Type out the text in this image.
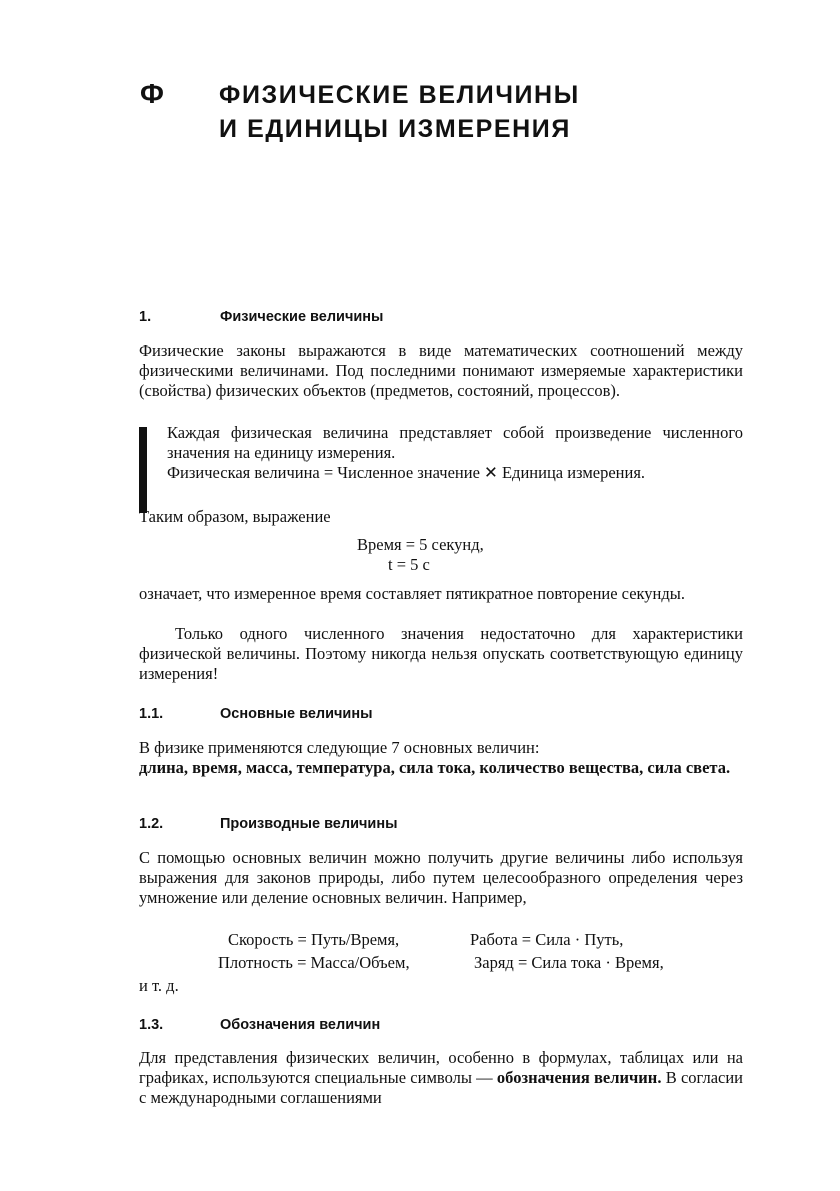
Ф ФИЗИЧЕСКИЕ ВЕЛИЧИНЫ
И ЕДИНИЦЫ ИЗМЕРЕНИЯ
1.	Физические величины

Физические законы выражаются в виде математических соотношений между физическими величинами. Под последними понимают измеряемые характеристики (свойства) физических объектов (предметов, состояний, процессов).

Каждая физическая величина представляет собой произведение численного значения на единицу измерения.

Физическая величина = Численное значение ✕ Единица измерения.

Таким образом, выражение

Время = 5 секунд,
t = 5 с

означает, что измеренное время составляет пятикратное повторение секунды.

Только одного численного значения недостаточно для характеристики физической величины. Поэтому никогда нельзя опускать соответствующую единицу измерения!

1.1.	Основные величины

В физике применяются следующие 7 основных величин:

длина, время, масса, температура, сила тока, количество вещества, сила света.

1.2.	Производные величины

С помощью основных величин можно получить другие величины либо используя выражения для законов природы, либо путем целесообразного определения через умножение или деление основных величин. Например,

Скорость = Путь/Время,	Работа = Сила · Путь,
Плотность = Масса/Объем,	Заряд = Сила тока · Время,
и т. д.
1.3.	Обозначения величин

Для представления физических величин, особенно в формулах, таблицах или на графиках, используются специальные символы — обозначения величин. В согласии с международными соглашениями
